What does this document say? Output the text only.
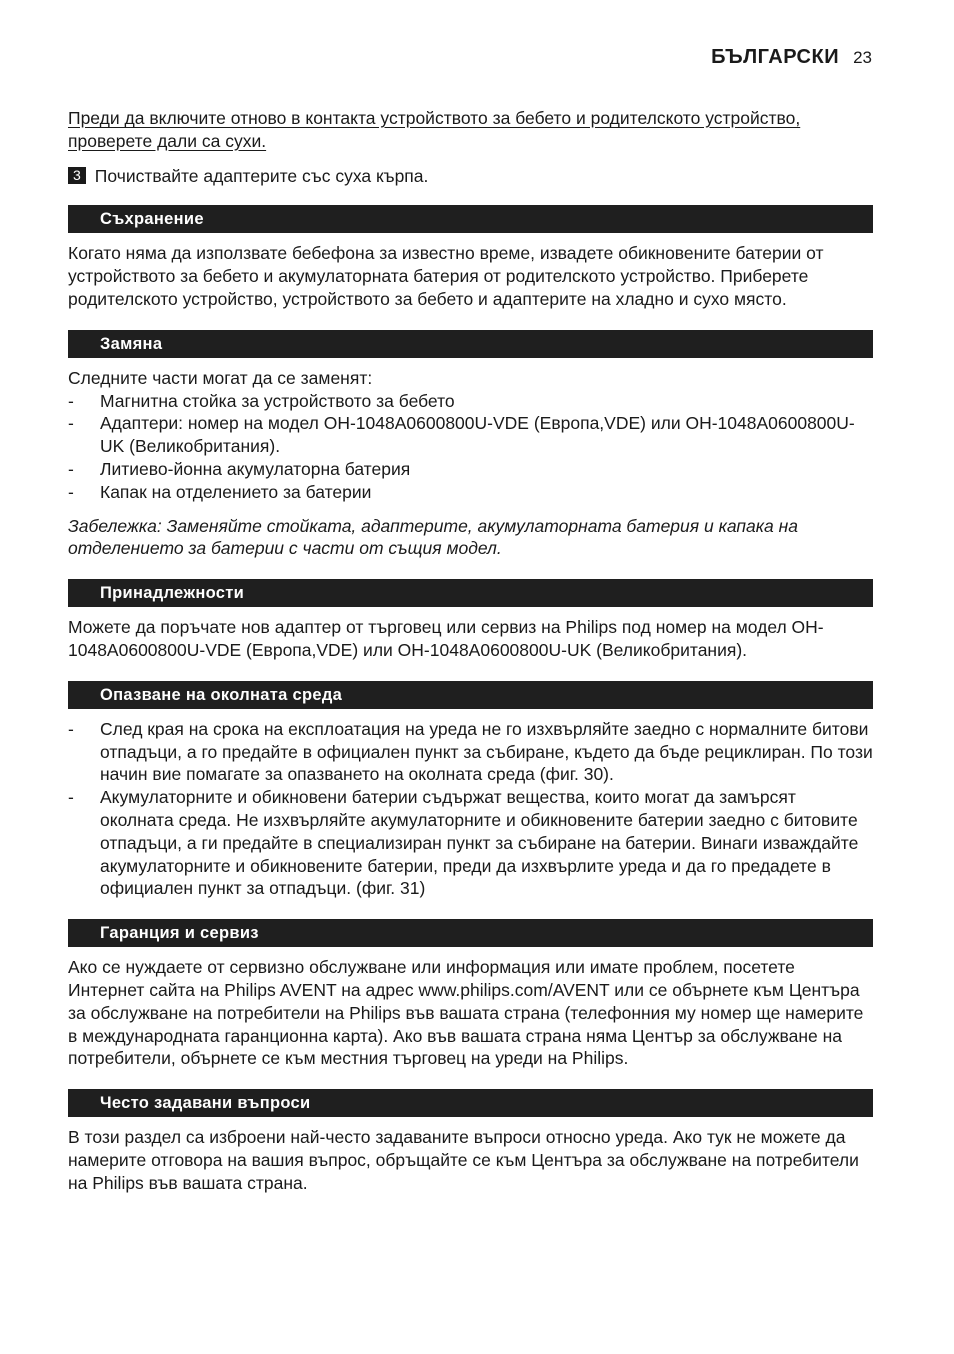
БЪЛГАРСКИ 23

Преди да включите отново в контакта устройството за бебето и родителското устройство, проверете дали са сухи.

3 Почиствайте адаптерите със суха кърпа.
Съхранение

Когато няма да използвате бебефона за известно време, извадете обикновените батерии от устройството за бебето и акумулаторната батерия от родителското устройство. Приберете родителското устройство, устройството за бебето и адаптерите на хладно и сухо място.

Замяна

Следните части могат да се заменят:

- Магнитна стойка за устройството за бебето
- Адаптери: номер на модел OH-1048A0600800U-VDE (Европа,VDE) или OH-1048A0600800U-UK (Великобритания).
- Литиево-йонна акумулаторна батерия
- Капак на отделението за батерии

Забележка: Заменяйте стойката, адаптерите, акумулаторната батерия и капака на отделението за батерии с части от същия модел.

Принадлежности

Можете да поръчате нов адаптер от търговец или сервиз на Philips под номер на модел OH-1048A0600800U-VDE (Европа,VDE) или OH-1048A0600800U-UK (Великобритания).

Опазване на околната среда
- След края на срока на експлоатация на уреда не го изхвърляйте заедно с нормалните битови отпадъци, а го предайте в официален пункт за събиране, където да бъде рециклиран. По този начин вие помагате за опазването на околната среда (фиг. 30).
- Акумулаторните и обикновени батерии съдържат вещества, които могат да замърсят околната среда. Не изхвърляйте акумулаторните и обикновените батерии заедно с битовите отпадъци, а ги предайте в специализиран пункт за събиране на батерии. Винаги изваждайте акумулаторните и обикновените батерии, преди да изхвърлите уреда и да го предадете в официален пункт за отпадъци. (фиг. 31)
Гаранция и сервиз

Ако се нуждаете от сервизно обслужване или информация или имате проблем, посетете Интернет сайта на Philips AVENT на адрес www.philips.com/AVENT или се обърнете към Центъра за обслужване на потребители на Philips във вашата страна (телефонния му номер ще намерите в международната гаранционна карта). Ако във вашата страна няма Център за обслужване на потребители, обърнете се към местния търговец на уреди на Philips.

Често задавани въпроси

В този раздел са изброени най-често задаваните въпроси относно уреда. Ако тук не можете да намерите отговора на вашия въпрос, обръщайте се към Центъра за обслужване на потребители на Philips във вашата страна.
